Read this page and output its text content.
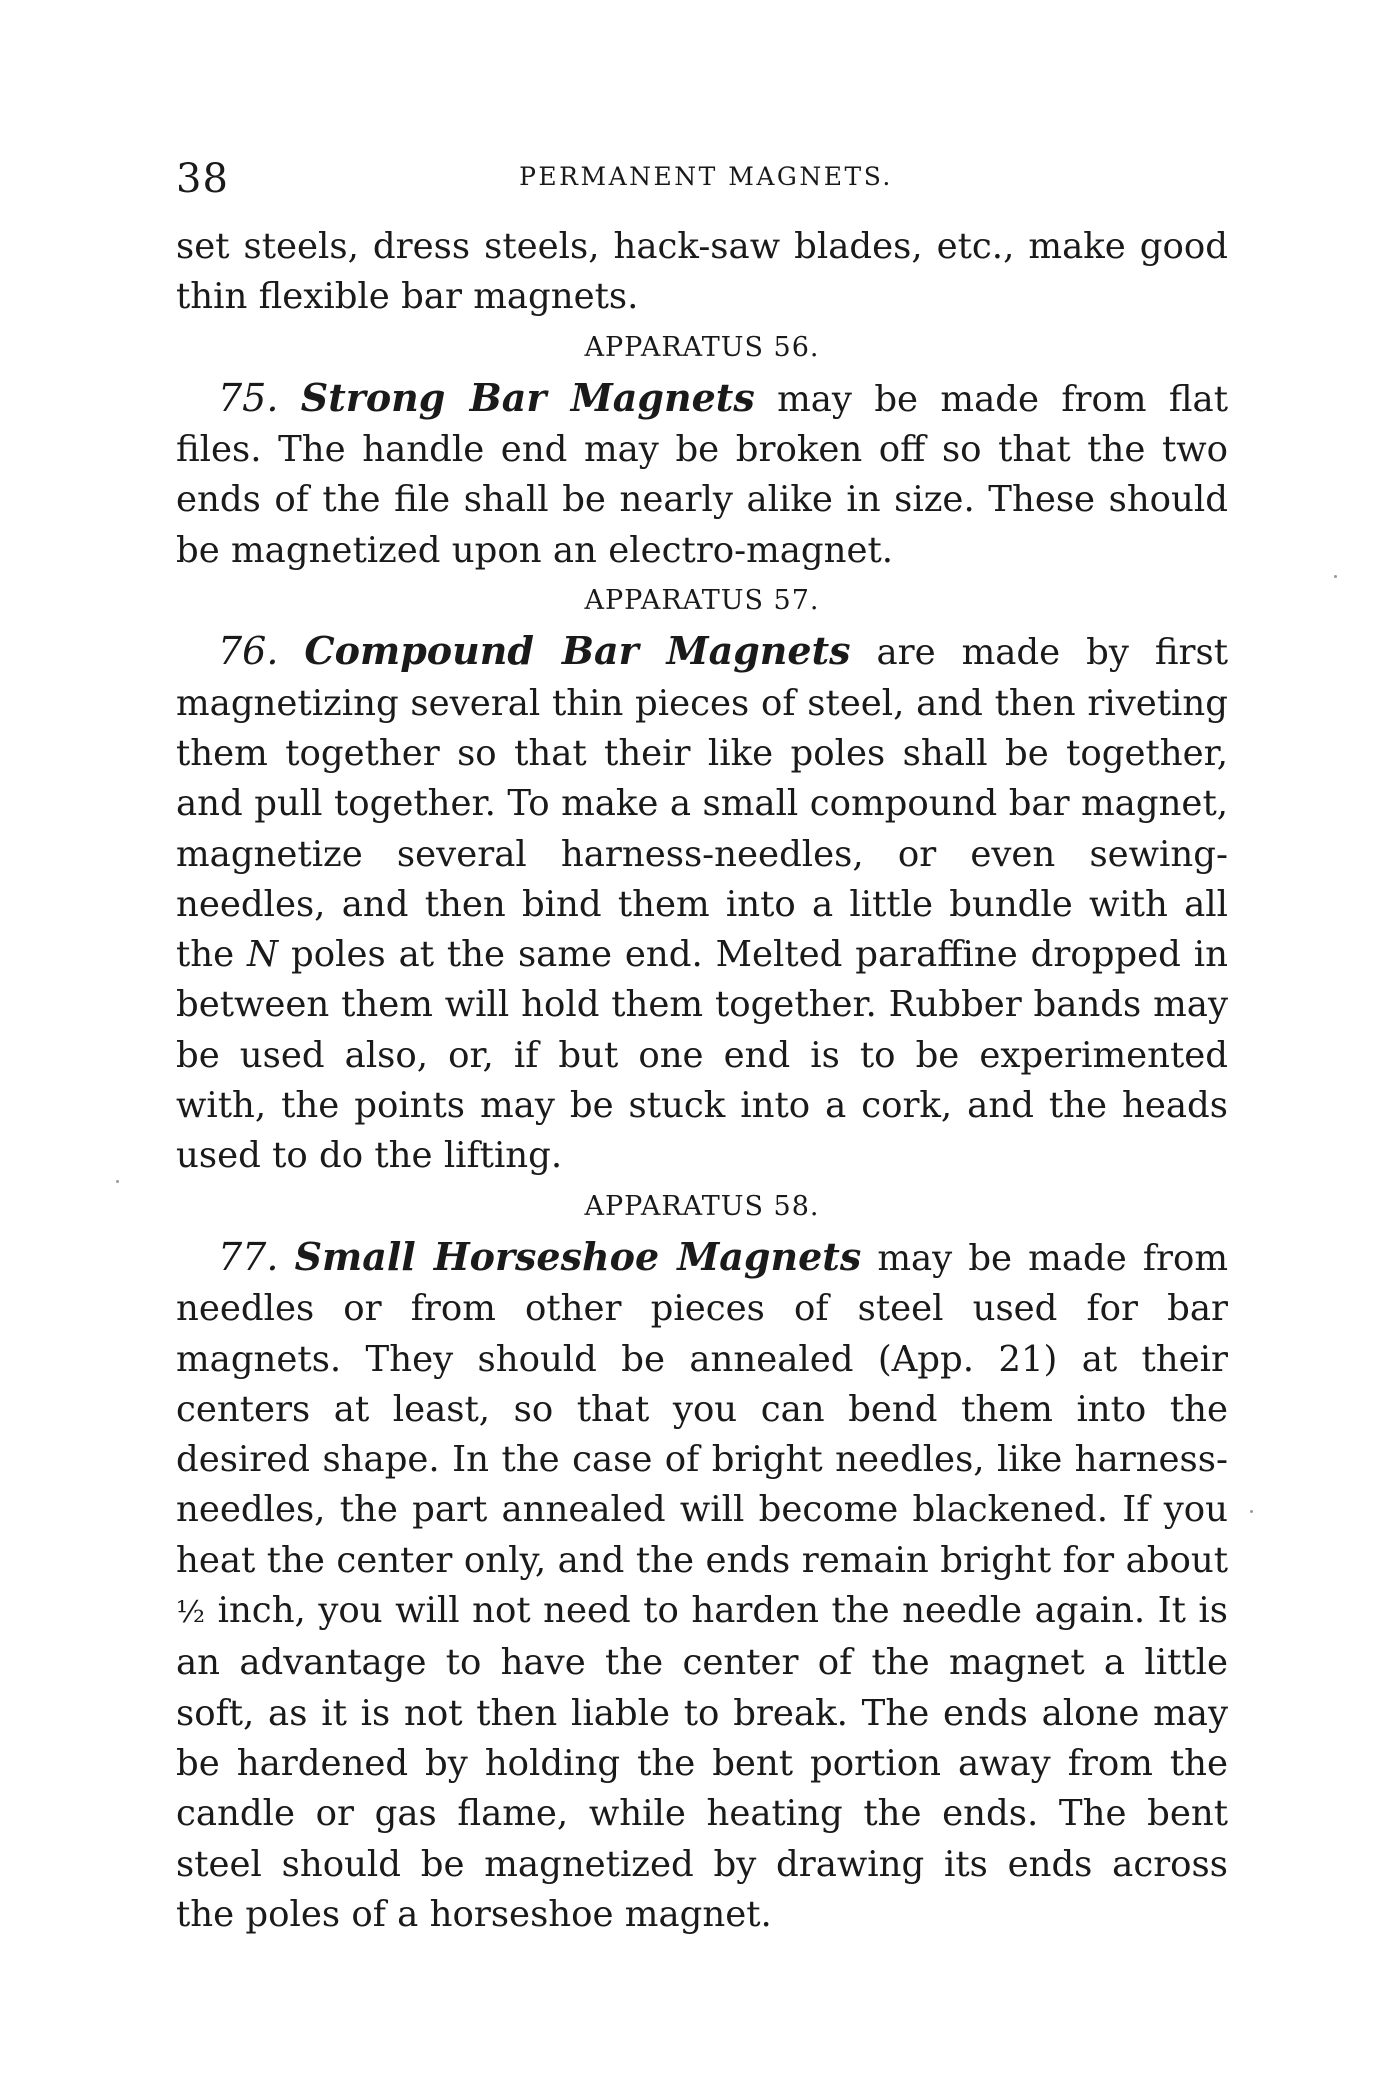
38	PERMANENT MAGNETS.

set steels, dress steels, hack-saw blades, etc., make good thin flexible bar magnets.

APPARATUS 56.

75. Strong Bar Magnets may be made from flat files. The handle end may be broken off so that the two ends of the file shall be nearly alike in size. These should be magnetized upon an electro-magnet.

APPARATUS 57.

76. Compound Bar Magnets are made by first magnetizing several thin pieces of steel, and then riveting them together so that their like poles shall be together, and pull together. To make a small compound bar magnet, magnetize several harness-needles, or even sewing-needles, and then bind them into a little bundle with all the N poles at the same end. Melted paraffine dropped in between them will hold them together. Rubber bands may be used also, or, if but one end is to be experimented with, the points may be stuck into a cork, and the heads used to do the lifting.

APPARATUS 58.

77. Small Horseshoe Magnets may be made from needles or from other pieces of steel used for bar magnets. They should be annealed (App. 21) at their centers at least, so that you can bend them into the desired shape. In the case of bright needles, like harness-needles, the part annealed will become blackened. If you heat the center only, and the ends remain bright for about ½ inch, you will not need to harden the needle again. It is an advantage to have the center of the magnet a little soft, as it is not then liable to break. The ends alone may be hardened by holding the bent portion away from the candle or gas flame, while heating the ends. The bent steel should be magnetized by drawing its ends across the poles of a horseshoe magnet.
